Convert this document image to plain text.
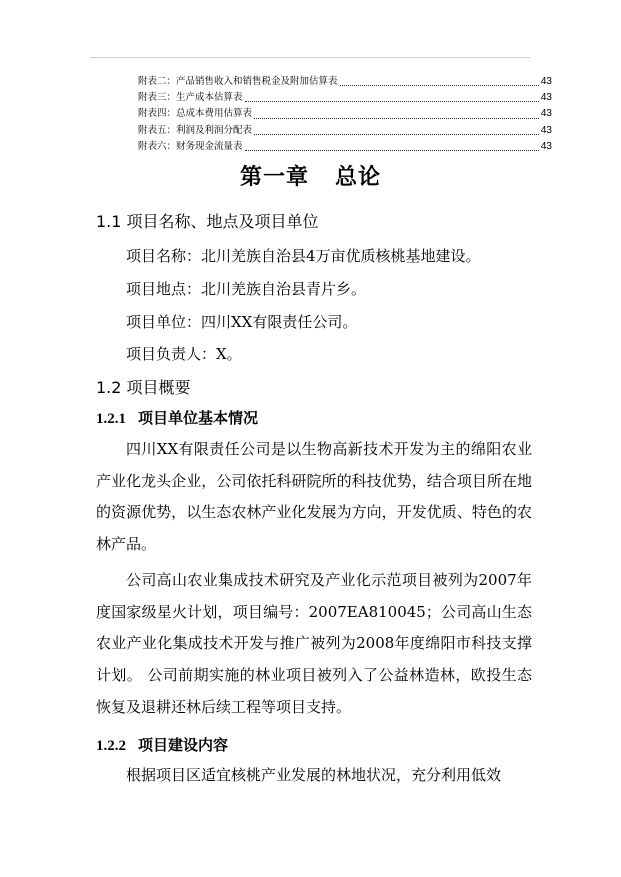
附表二：产品销售收入和销售税金及附加估算表	43
附表三：生产成本估算表	43
附表四：总成本费用估算表	43
附表五：利润及利润分配表	43
附表六：财务现金流量表	43
第一章 总论
1.1 项目名称、地点及项目单位
项目名称：北川羌族自治县4万亩优质核桃基地建设。
项目地点：北川羌族自治县青片乡。
项目单位：四川XX有限责任公司。
项目负责人：X。
1.2 项目概要
1.2.1 项目单位基本情况
四川XX有限责任公司是以生物高新技术开发为主的绵阳农业产业化龙头企业，公司依托科研院所的科技优势，结合项目所在地的资源优势，以生态农林产业化发展为方向，开发优质、特色的农林产品。
公司高山农业集成技术研究及产业化示范项目被列为2007年度国家级星火计划，项目编号：2007EA810045；公司高山生态农业产业化集成技术开发与推广被列为2008年度绵阳市科技支撑计划。 公司前期实施的林业项目被列入了公益林造林，欧投生态恢复及退耕还林后续工程等项目支持。
1.2.2 项目建设内容
根据项目区适宜核桃产业发展的林地状况，充分利用低效
